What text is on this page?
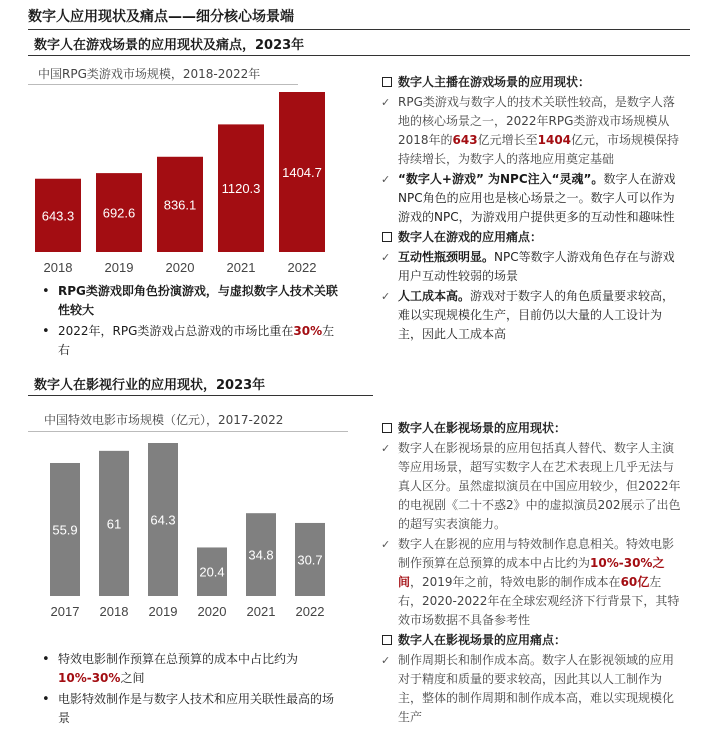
数字人应用现状及痛点——细分核心场景端
数字人在游戏场景的应用现状及痛点，2023年
中国RPG类游戏市场规模，2018-2022年
643.3
2018
692.6
2019
836.1
2020
1120.3
2021
1404.7
2022
• RPG类游戏即角色扮演游戏，与虚拟数字人技术关联性较大
• 2022年，RPG类游戏占总游戏的市场比重在30%左右
数字人主播在游戏场景的应用现状：
✓ RPG类游戏与数字人的技术关联性较高，是数字人落地的核心场景之一，2022年RPG类游戏市场规模从2018年的643亿元增长至1404亿元，市场规模保持持续增长，为数字人的落地应用奠定基础
✓ “数字人+游戏” 为NPC注入“灵魂”。数字人在游戏NPC角色的应用也是核心场景之一。数字人可以作为游戏的NPC，为游戏用户提供更多的互动性和趣味性
数字人在游戏的应用痛点：
✓ 互动性瓶颈明显。NPC等数字人游戏角色存在与游戏用户互动性较弱的场景
✓ 人工成本高。游戏对于数字人的角色质量要求较高，难以实现规模化生产，目前仍以大量的人工设计为主，因此人工成本高
数字人在影视行业的应用现状，2023年
中国特效电影市场规模（亿元），2017-2022
55.9
2017
61
2018
64.3
2019
20.4
2020
34.8
2021
30.7
2022
• 特效电影制作预算在总预算的成本中占比约为10%-30%之间
• 电影特效制作是与数字人技术和应用关联性最高的场景
数字人在影视场景的应用现状：
✓ 数字人在影视场景的应用包括真人替代、数字人主演等应用场景，超写实数字人在艺术表现上几乎无法与真人区分。虽然虚拟演员在中国应用较少，但2022年的电视剧《二十不惑2》中的虚拟演员202展示了出色的超写实表演能力。
✓ 数字人在影视的应用与特效制作息息相关。特效电影制作预算在总预算的成本中占比约为10%-30%之间，2019年之前，特效电影的制作成本在60亿左右，2020-2022年在全球宏观经济下行背景下，其特效市场数据不具备参考性
数字人在影视场景的应用痛点：
✓ 制作周期长和制作成本高。数字人在影视领域的应用对于精度和质量的要求较高，因此其以人工制作为主，整体的制作周期和制作成本高，难以实现规模化生产
